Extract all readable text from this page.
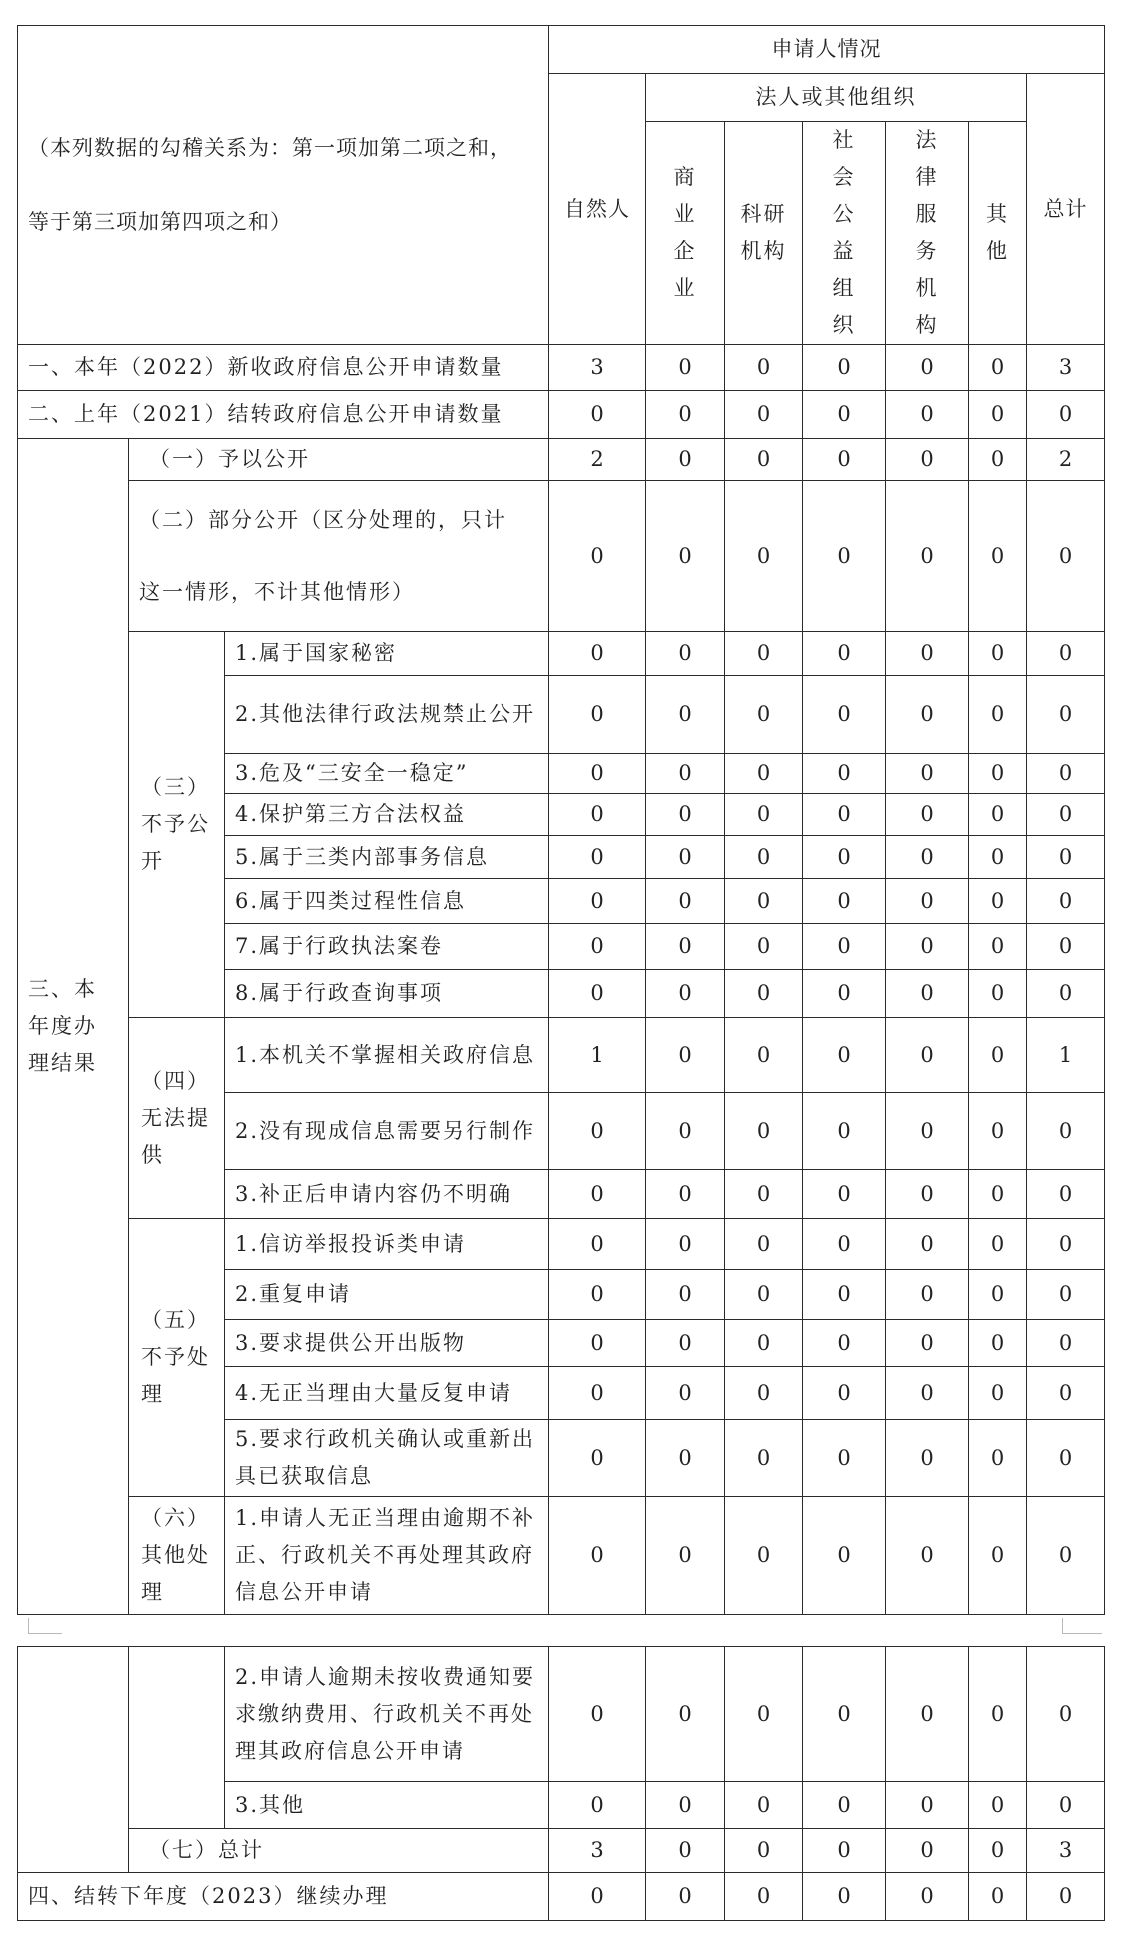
（本列数据的勾稽关系为：第一项加第二项之和，
等于第三项加第四项之和）			申请人情况						
			自然人	法人或其他组织					总计
				商业企业	科研机构	社会公益组织	法律服务机构	其他	
一、本年（2022）新收政府信息公开申请数量			3	0	0	0	0	0	3
二、上年（2021）结转政府信息公开申请数量			0	0	0	0	0	0	0
三、本年度办理结果	（一）予以公开		2	0	0	0	0	0	2
	（二）部分公开（区分处理的，只计这一情形，不计其他情形）		0	0	0	0	0	0	0
	（三）不予公开	1.属于国家秘密	0	0	0	0	0	0	0
		2.其他法律行政法规禁止公开	0	0	0	0	0	0	0
		3.危及“三安全一稳定”	0	0	0	0	0	0	0
		4.保护第三方合法权益	0	0	0	0	0	0	0
		5.属于三类内部事务信息	0	0	0	0	0	0	0
		6.属于四类过程性信息	0	0	0	0	0	0	0
		7.属于行政执法案卷	0	0	0	0	0	0	0
		8.属于行政查询事项	0	0	0	0	0	0	0
	（四）无法提供	1.本机关不掌握相关政府信息	1	0	0	0	0	0	1
		2.没有现成信息需要另行制作	0	0	0	0	0	0	0
		3.补正后申请内容仍不明确	0	0	0	0	0	0	0
	（五）不予处理	1.信访举报投诉类申请	0	0	0	0	0	0	0
		2.重复申请	0	0	0	0	0	0	0
		3.要求提供公开出版物	0	0	0	0	0	0	0
		4.无正当理由大量反复申请	0	0	0	0	0	0	0
		5.要求行政机关确认或重新出具已获取信息	0	0	0	0	0	0	0
	（六）其他处理	1.申请人无正当理由逾期不补正、行政机关不再处理其政府信息公开申请	0	0	0	0	0	0	0
		2.申请人逾期未按收费通知要求缴纳费用、行政机关不再处理其政府信息公开申请	0	0	0	0	0	0	0
		3.其他	0	0	0	0	0	0	0
	（七）总计		3	0	0	0	0	0	3
四、结转下年度（2023）继续办理			0	0	0	0	0	0	0
